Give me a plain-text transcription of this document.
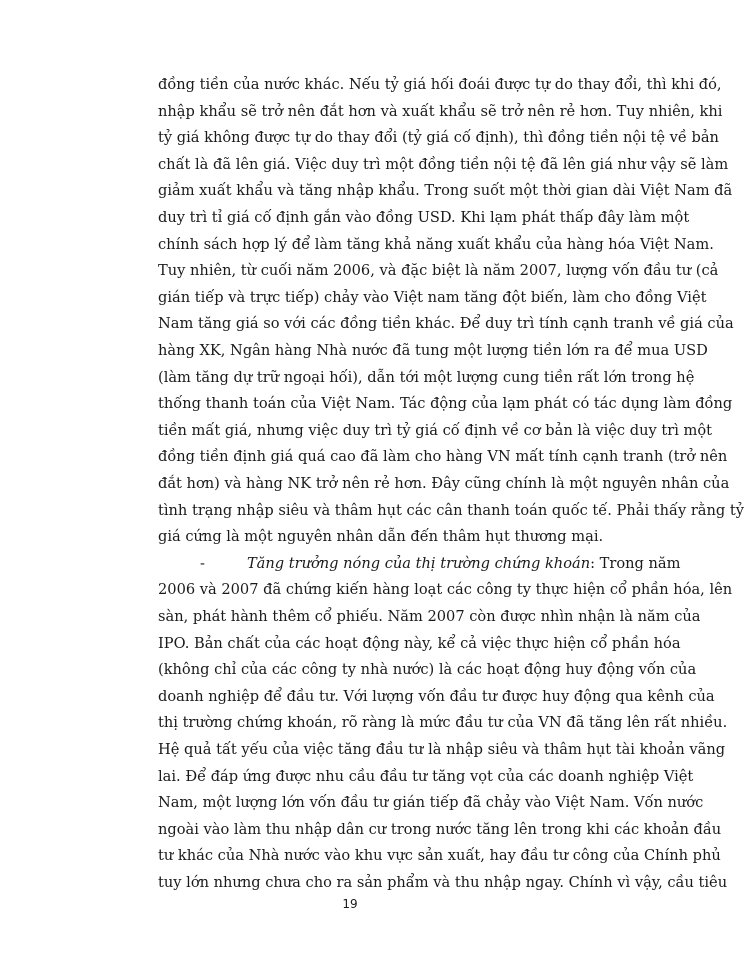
đồng tiền của nước khác. Nếu tỷ giá hối đoái được tự do thay đổi, thì khi đó,
nhập khẩu sẽ trở nên đắt hơn và xuất khẩu sẽ trở nên rẻ hơn. Tuy nhiên, khi
tỷ giá không được tự do thay đổi (tỷ giá cố định), thì đồng tiền nội tệ về bản
chất là đã lên giá. Việc duy trì một đồng tiền nội tệ đã lên giá như vậy sẽ làm
giảm xuất khẩu và tăng nhập khẩu. Trong suốt một thời gian dài Việt Nam đã
duy trì tỉ giá cố định gắn vào đồng USD. Khi lạm phát thấp đây làm một
chính sách hợp lý để làm tăng khả năng xuất khẩu của hàng hóa Việt Nam.
Tuy nhiên, từ cuối năm 2006, và đặc biệt là năm 2007, lượng vốn đầu tư (cả
gián tiếp và trực tiếp) chảy vào Việt nam tăng đột biến, làm cho đồng Việt
Nam tăng giá so với các đồng tiền khác. Để duy trì tính cạnh tranh về giá của
hàng XK, Ngân hàng Nhà nước đã tung một lượng tiền lớn ra để mua USD
(làm tăng dự trữ ngoại hối), dẫn tới một lượng cung tiền rất lớn trong hệ
thống thanh toán của Việt Nam. Tác động của lạm phát có tác dụng làm đồng
tiền mất giá, nhưng việc duy trì tỷ giá cố định về cơ bản là việc duy trì một
đồng tiền định giá quá cao đã làm cho hàng VN mất tính cạnh tranh (trở nên
đắt hơn) và hàng NK trở nên rẻ hơn. Đây cũng chính là một nguyên nhân của
tình trạng nhập siêu và thâm hụt các cân thanh toán quốc tế. Phải thấy rằng tỷ
giá cứng là một nguyên nhân dẫn đến thâm hụt thương mại.
-	Tăng trưởng nóng của thị trường chứng khoán: Trong năm
2006 và 2007 đã chứng kiến hàng loạt các công ty thực hiện cổ phần hóa, lên
sàn, phát hành thêm cổ phiếu. Năm 2007 còn được nhìn nhận là năm của
IPO. Bản chất của các hoạt động này, kể cả việc thực hiện cổ phần hóa
(không chỉ của các công ty nhà nước) là các hoạt động huy động vốn của
doanh nghiệp để đầu tư. Với lượng vốn đầu tư được huy động qua kênh của
thị trường chứng khoán, rõ ràng là mức đầu tư của VN đã tăng lên rất nhiều.
Hệ quả tất yếu của việc tăng đầu tư là nhập siêu và thâm hụt tài khoản vãng
lai. Để đáp ứng được nhu cầu đầu tư tăng vọt của các doanh nghiệp Việt
Nam, một lượng lớn vốn đầu tư gián tiếp đã chảy vào Việt Nam. Vốn nước
ngoài vào làm thu nhập dân cư trong nước tăng lên trong khi các khoản đầu
tư khác của Nhà nước vào khu vực sản xuất, hay đầu tư công của Chính phủ
tuy lớn nhưng chưa cho ra sản phẩm và thu nhập ngay. Chính vì vậy, cầu tiêu
19
